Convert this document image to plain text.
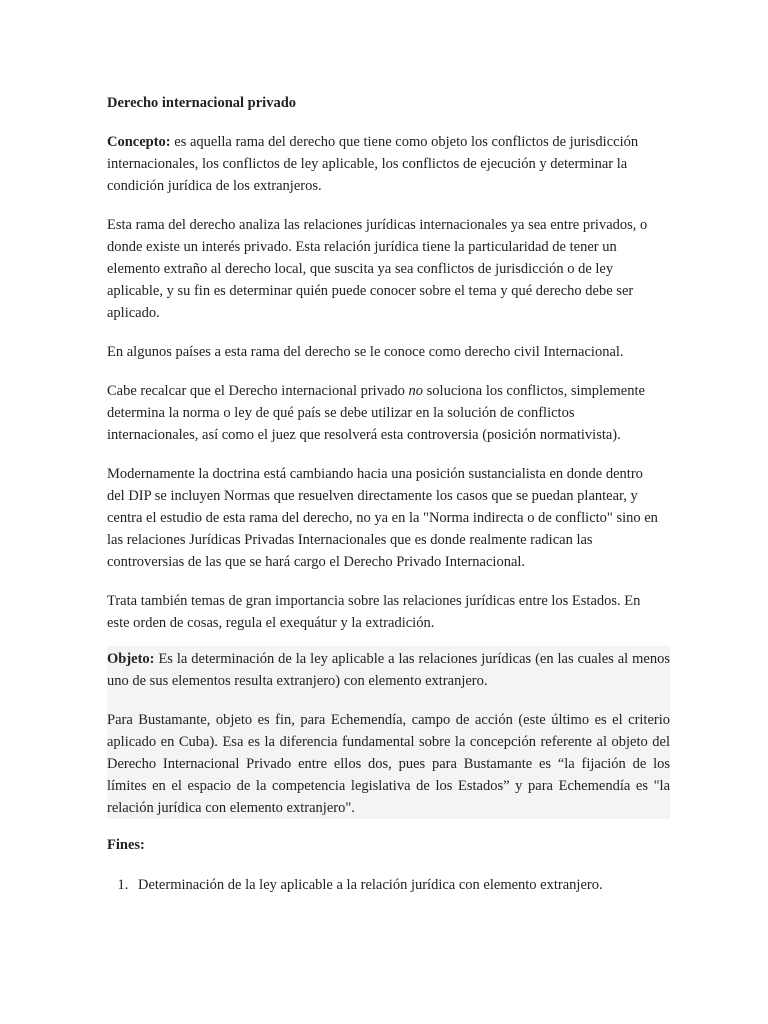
Derecho internacional privado

Concepto: es aquella rama del derecho que tiene como objeto los conflictos de jurisdicción internacionales, los conflictos de ley aplicable, los conflictos de ejecución y determinar la condición jurídica de los extranjeros.

Esta rama del derecho analiza las relaciones jurídicas internacionales ya sea entre privados, o donde existe un interés privado. Esta relación jurídica tiene la particularidad de tener un elemento extraño al derecho local, que suscita ya sea conflictos de jurisdicción o de ley aplicable, y su fin es determinar quién puede conocer sobre el tema y qué derecho debe ser aplicado.

En algunos países a esta rama del derecho se le conoce como derecho civil Internacional.

Cabe recalcar que el Derecho internacional privado no soluciona los conflictos, simplemente determina la norma o ley de qué país se debe utilizar en la solución de conflictos internacionales, así como el juez que resolverá esta controversia (posición normativista).

Modernamente la doctrina está cambiando hacia una posición sustancialista en donde dentro del DIP se incluyen Normas que resuelven directamente los casos que se puedan plantear, y centra el estudio de esta rama del derecho, no ya en la "Norma indirecta o de conflicto" sino en las relaciones Jurídicas Privadas Internacionales que es donde realmente radican las controversias de las que se hará cargo el Derecho Privado Internacional.

Trata también temas de gran importancia sobre las relaciones jurídicas entre los Estados. En este orden de cosas, regula el exequátur y la extradición.

Objeto: Es la determinación de la ley aplicable a las relaciones jurídicas (en las cuales al menos uno de sus elementos resulta extranjero) con elemento extranjero.

Para Bustamante, objeto es fin, para Echemendía, campo de acción (este último es el criterio aplicado en Cuba). Esa es la diferencia fundamental sobre la concepción referente al objeto del Derecho Internacional Privado entre ellos dos, pues para Bustamante es “la fijación de los límites en el espacio de la competencia legislativa de los Estados” y para Echemendía es "la relación jurídica con elemento extranjero".

Fines:
1. Determinación de la ley aplicable a la relación jurídica con elemento extranjero.
